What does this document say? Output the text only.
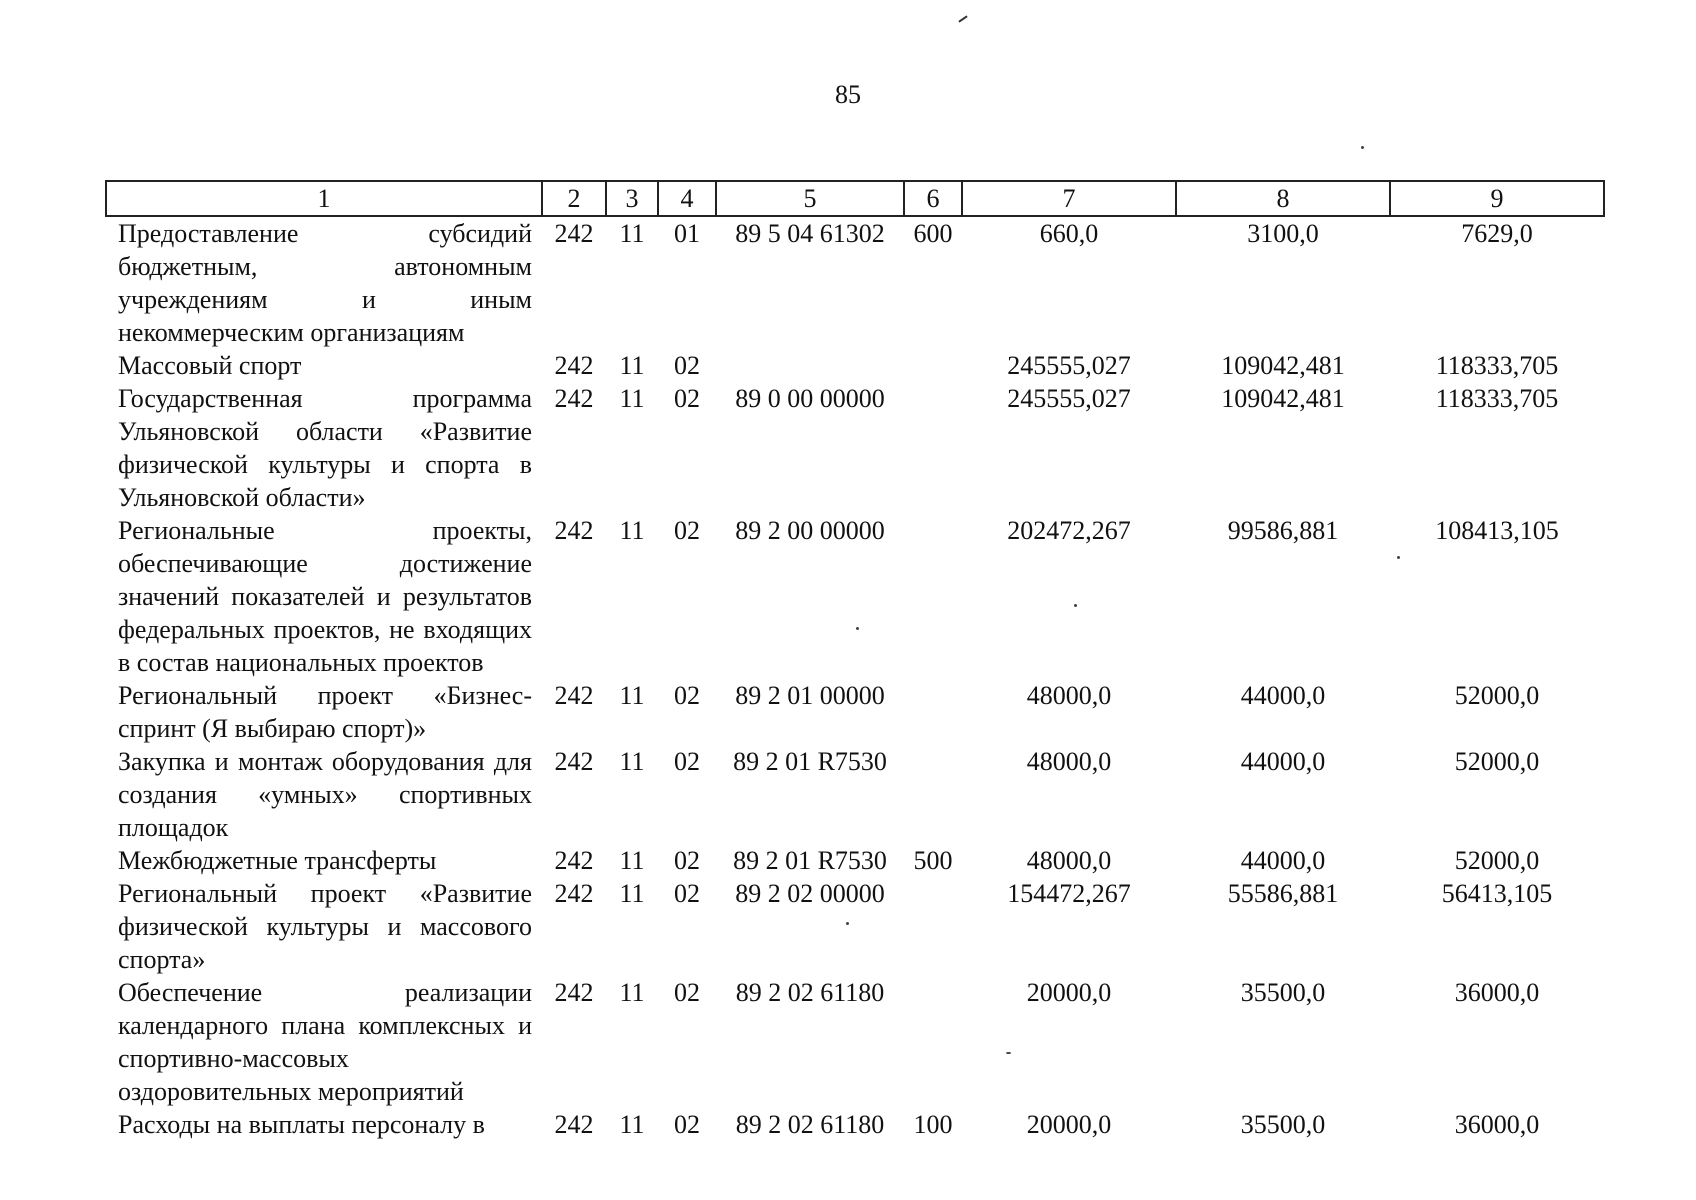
85
1	2	3	4	5	6	7	8	9
Предоставление субсидий бюджетным, автономным учреждениям и иным некоммерческим организациям	242	11	01	89 5 04 61302	600	660,0	3100,0	7629,0
Массовый спорт	242	11	02			245555,027	109042,481	118333,705
Государственная программа Ульяновской области «Развитие физической культуры и спорта в Ульяновской области»	242	11	02	89 0 00 00000		245555,027	109042,481	118333,705
Региональные проекты, обеспечивающие достижение значений показателей и результатов федеральных проектов, не входящих в состав национальных проектов	242	11	02	89 2 00 00000		202472,267	99586,881	108413,105
Региональный проект «Бизнес-спринт (Я выбираю спорт)»	242	11	02	89 2 01 00000		48000,0	44000,0	52000,0
Закупка и монтаж оборудования для создания «умных» спортивных площадок	242	11	02	89 2 01 R7530		48000,0	44000,0	52000,0
Межбюджетные трансферты	242	11	02	89 2 01 R7530	500	48000,0	44000,0	52000,0
Региональный проект «Развитие физической культуры и массового спорта»	242	11	02	89 2 02 00000		154472,267	55586,881	56413,105
Обеспечение реализации календарного плана комплексных и спортивно-массовых оздоровительных мероприятий	242	11	02	89 2 02 61180		20000,0	35500,0	36000,0
Расходы на выплаты персоналу в	242	11	02	89 2 02 61180	100	20000,0	35500,0	36000,0
